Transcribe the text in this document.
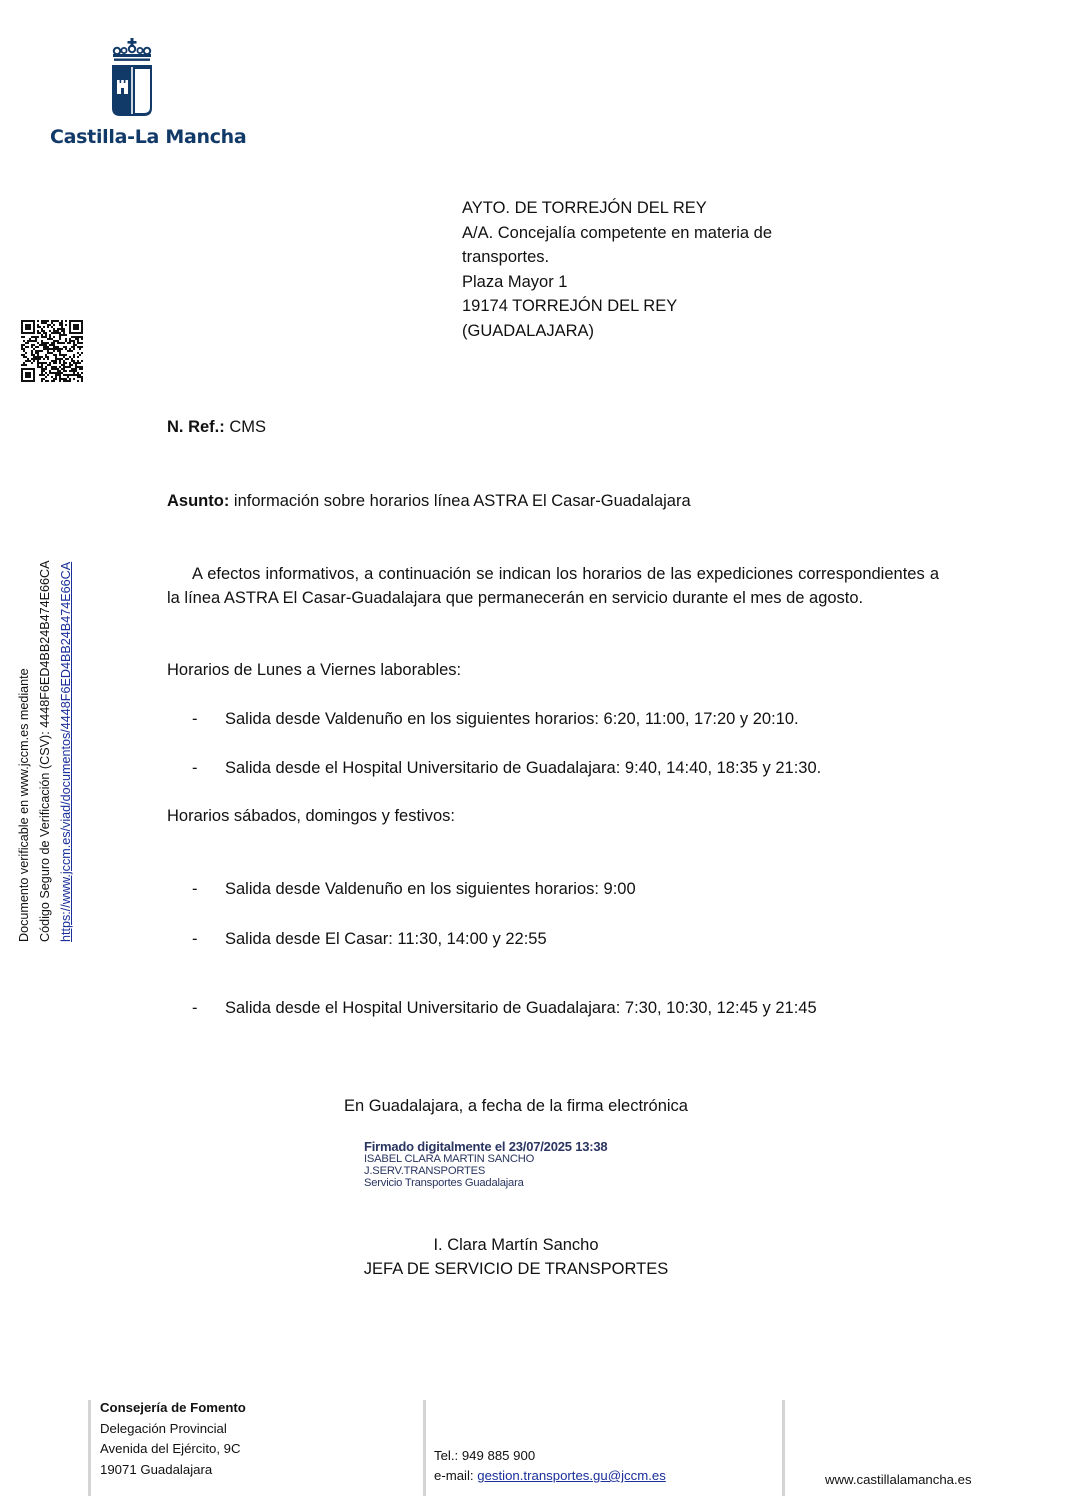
Castilla-La Mancha
Documento verificable en www.jccm.es mediante Código Seguro de Verificación (CSV): 4448F6ED4BB24B474E66CA https://www.jccm.es/viad/documentos/4448F6ED4BB24B474E66CA
AYTO. DE TORREJÓN DEL REY
A/A. Concejalía competente en materia de
transportes.
Plaza Mayor 1
19174 TORREJÓN DEL REY
(GUADALAJARA)
N. Ref.: CMS
Asunto: información sobre horarios línea ASTRA El Casar-Guadalajara
A efectos informativos, a continuación se indican los horarios de las expediciones correspondientes a la línea ASTRA El Casar-Guadalajara que permanecerán en servicio durante el mes de agosto.
Horarios de Lunes a Viernes laborables:
- Salida desde Valdenuño en los siguientes horarios: 6:20, 11:00, 17:20 y 20:10.
- Salida desde el Hospital Universitario de Guadalajara: 9:40, 14:40, 18:35 y 21:30.
Horarios sábados, domingos y festivos:
- Salida desde Valdenuño en los siguientes horarios: 9:00
- Salida desde El Casar: 11:30, 14:00 y 22:55
- Salida desde el Hospital Universitario de Guadalajara: 7:30, 10:30, 12:45 y 21:45
En Guadalajara, a fecha de la firma electrónica
Firmado digitalmente el 23/07/2025 13:38
ISABEL CLARA MARTIN SANCHO
J.SERV.TRANSPORTES
Servicio Transportes Guadalajara
I. Clara Martín Sancho
JEFA DE SERVICIO DE TRANSPORTES
Consejería de Fomento
Delegación Provincial
Avenida del Ejército, 9C
19071 Guadalajara
Tel.: 949 885 900
e-mail: gestion.transportes.gu@jccm.es	www.castillalamancha.es
